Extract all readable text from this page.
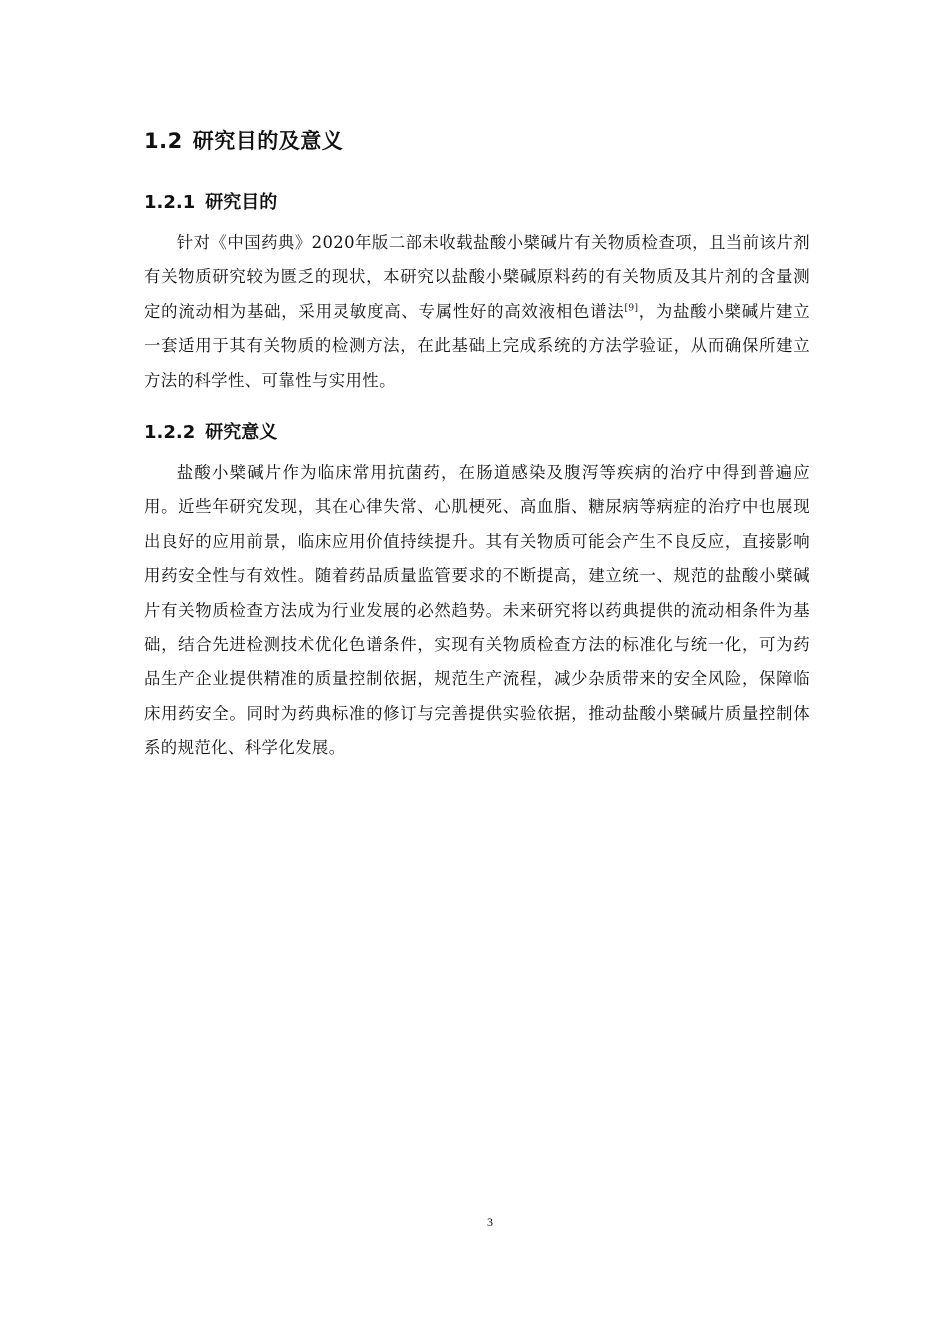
1.2 研究目的及意义
1.2.1 研究目的

针对《中国药典》2020年版二部未收载盐酸小檗碱片有关物质检查项，且当前该片剂有关物质研究较为匮乏的现状，本研究以盐酸小檗碱原料药的有关物质及其片剂的含量测定的流动相为基础，采用灵敏度高、专属性好的高效液相色谱法[9]，为盐酸小檗碱片建立一套适用于其有关物质的检测方法，在此基础上完成系统的方法学验证，从而确保所建立方法的科学性、可靠性与实用性。

1.2.2 研究意义

盐酸小檗碱片作为临床常用抗菌药，在肠道感染及腹泻等疾病的治疗中得到普遍应用。近些年研究发现，其在心律失常、心肌梗死、高血脂、糖尿病等病症的治疗中也展现出良好的应用前景，临床应用价值持续提升。其有关物质可能会产生不良反应，直接影响用药安全性与有效性。随着药品质量监管要求的不断提高，建立统一、规范的盐酸小檗碱片有关物质检查方法成为行业发展的必然趋势。未来研究将以药典提供的流动相条件为基础，结合先进检测技术优化色谱条件，实现有关物质检查方法的标准化与统一化，可为药品生产企业提供精准的质量控制依据，规范生产流程，减少杂质带来的安全风险，保障临床用药安全。同时为药典标准的修订与完善提供实验依据，推动盐酸小檗碱片质量控制体系的规范化、科学化发展。

3
